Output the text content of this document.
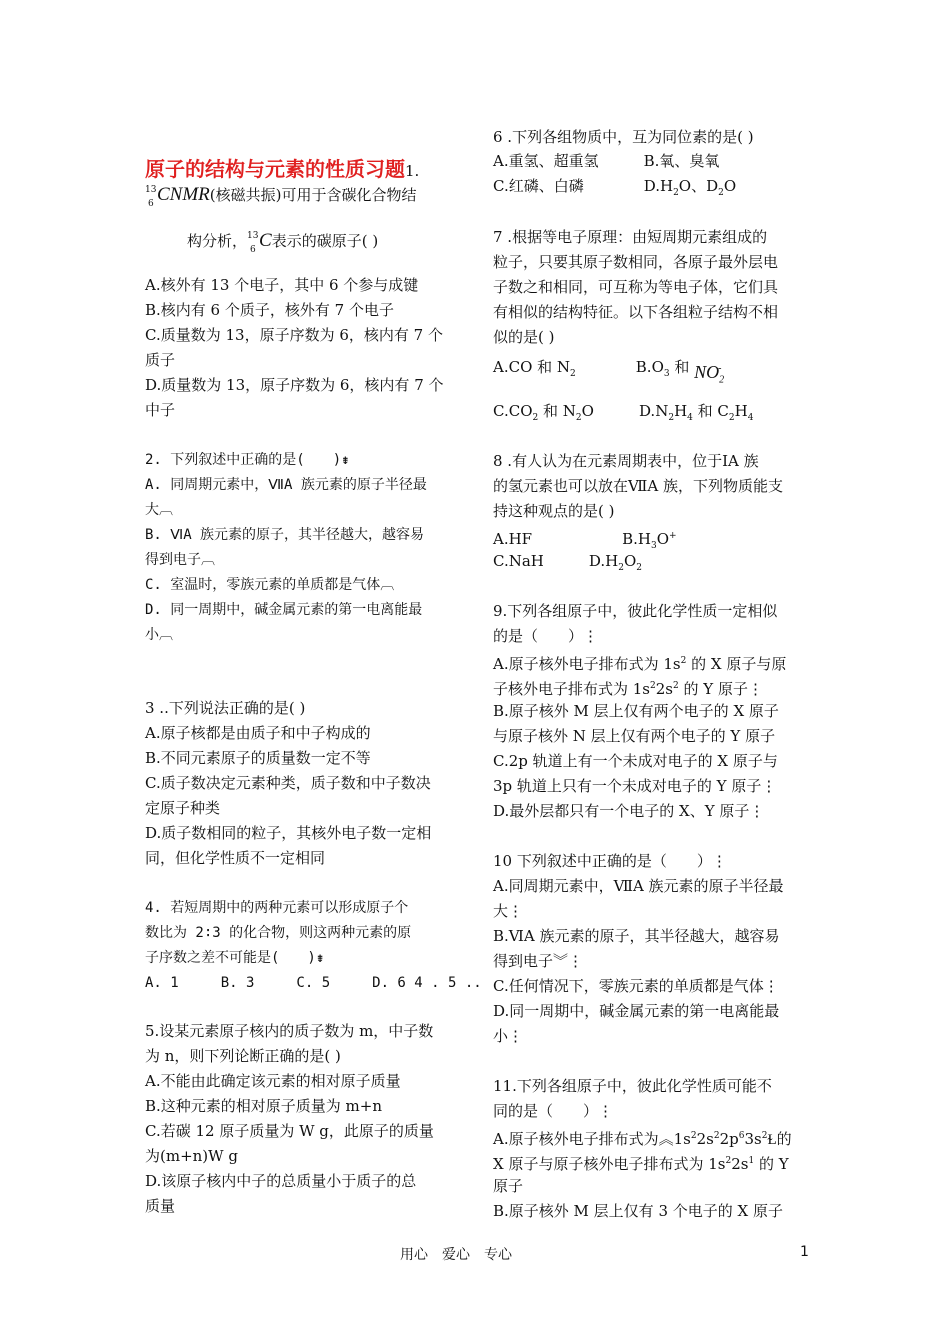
原子的结构与元素的性质习题1.
13
6 CNMR(核磁共振)可用于含碳化合物结
构分析， 13
6 C表示的碳原子( )
A.核外有 13 个电子，其中 6 个参与成键
B.核内有 6 个质子，核外有 7 个电子
C.质量数为 13，原子序数为 6，核内有 7 个
质子
D.质量数为 13，原子序数为 6，核内有 7 个
中子
2. 下列叙述中正确的是(　　)⇟
A. 同周期元素中，ⅦA 族元素的原子半径最
大︹
B. ⅥA 族元素的原子，其半径越大，越容易
得到电子︹
C. 室温时，零族元素的单质都是气体︹
D. 同一周期中，碱金属元素的第一电离能最
小︹
3 ..下列说法正确的是( )
A.原子核都是由质子和中子构成的
B.不同元素原子的质量数一定不等
C.质子数决定元素种类，质子数和中子数决
定原子种类
D.质子数相同的粒子，其核外电子数一定相
同，但化学性质不一定相同
4. 若短周期中的两种元素可以形成原子个
数比为 2∶3 的化合物，则这两种元素的原
子序数之差不可能是(　　)⇟
A. 1　　　B. 3　　　C. 5　　　D. 6 4 . 5 ..
5.设某元素原子核内的质子数为 m，中子数
为 n，则下列论断正确的是( )
A.不能由此确定该元素的相对原子质量
B.这种元素的相对原子质量为 m+n
C.若碳 12 原子质量为 W g，此原子的质量
为(m+n)W g
D.该原子核内中子的总质量小于质子的总
质量
6 .下列各组物质中，互为同位素的是( )
A.重氢、超重氢　　　B.氧、臭氧
C.红磷、白磷　　　　$D.H_2O$、$D_2O$
7 .根据等电子原理：由短周期元素组成的
粒子，只要其原子数相同，各原子最外层电
子数之和相同，可互称为等电子体，它们具
有相似的结构特征。以下各组粒子结构不相
似的是( )
A.CO 和 $N_2$　　　　$B.O_3$ 和 $NO_2^-$
$C.CO_2$ 和 $N_2O$　　　$D.N_2H_4$ 和 $C_2H_4$
8 .有人认为在元素周期表中，位于ⅠA 族
的氢元素也可以放在ⅦA 族，下列物质能支
持这种观点的是( )
A.HF　　　　　　$B.H_3O^+$
C.NaH　　　$D.H_2O_2$
9.下列各组原子中，彼此化学性质一定相似
的是（　　）⋮
A.原子核外电子排布式为 $1s^2$ 的 X 原子与原
子核外电子排布式为 $1s^22s^2$ 的 Y 原子⋮
B.原子核外 M 层上仅有两个电子的 X 原子
与原子核外 N 层上仅有两个电子的 Y 原子
C.2p 轨道上有一个未成对电子的 X 原子与
3p 轨道上只有一个未成对电子的 Y 原子⋮
D.最外层都只有一个电子的 X、Y 原子⋮
10 下列叙述中正确的是（　　）⋮
A.同周期元素中，ⅦA 族元素的原子半径最
大⋮
B.ⅥA 族元素的原子，其半径越大，越容易
得到电子︾⋮
C.任何情况下，零族元素的单质都是气体⋮
D.同一周期中，碱金属元素的第一电离能最
小⋮
11.下列各组原子中，彼此化学性质可能不
同的是（　　）⋮
A.原子核外电子排布式为$︽1s^22s^22p^63s^2Ɫ$的
X 原子与原子核外电子排布式为 $1s^22s^1$ 的 Y
原子
B.原子核外 M 层上仅有 3 个电子的 X 原子
用心　爱心　专心	1
